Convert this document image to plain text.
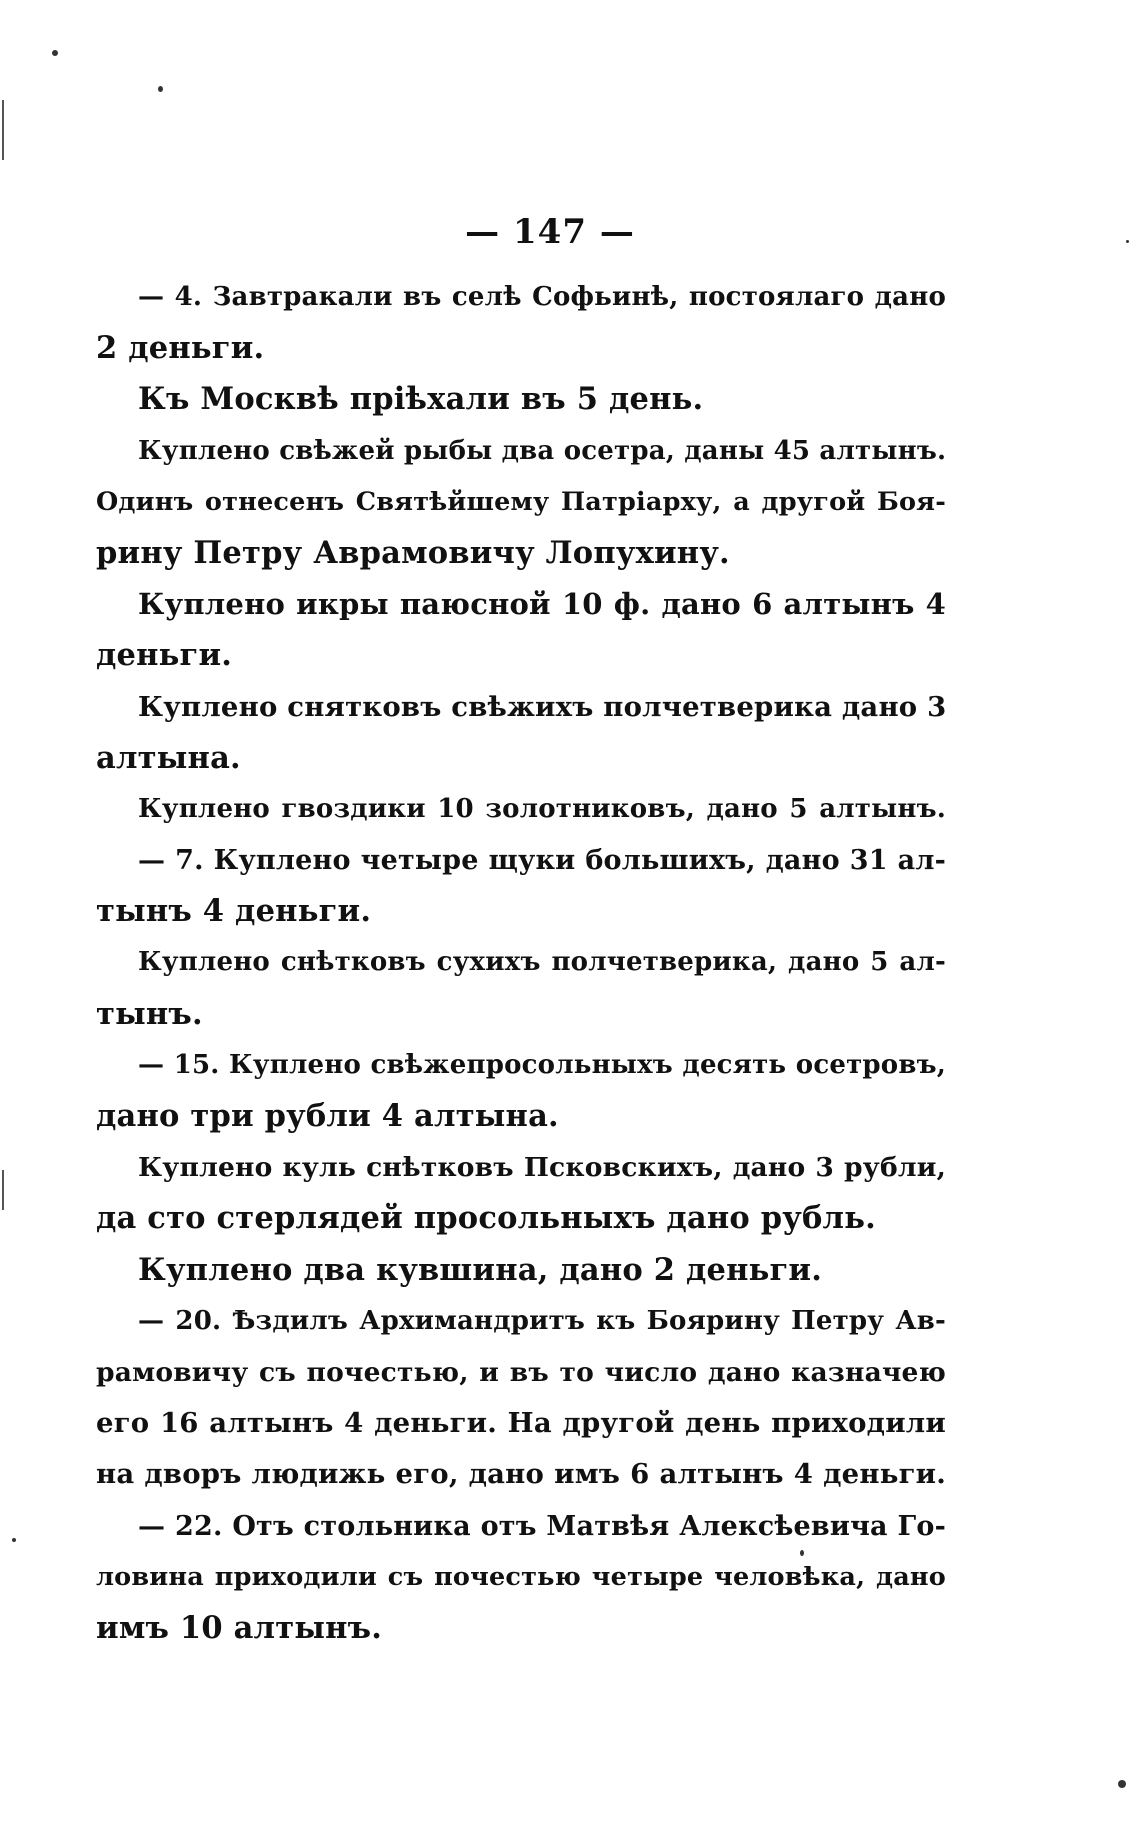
— 147 —
— 4. Завтракали въ селѣ Софьинѣ, постоялаго дано
2 деньги.
Къ Москвѣ пріѣхали въ 5 день.
Куплено свѣжей рыбы два осетра, даны 45 алтынъ.
Одинъ отнесенъ Святѣйшему Патріарху, а другой Боя-
рину Петру Аврамовичу Лопухину.
Куплено икры паюсной 10 ф. дано 6 алтынъ 4
деньги.
Куплено снятковъ свѣжихъ полчетверика дано 3
алтына.
Куплено гвоздики 10 золотниковъ, дано 5 алтынъ.
— 7. Куплено четыре щуки большихъ, дано 31 ал-
тынъ 4 деньги.
Куплено снѣтковъ сухихъ полчетверика, дано 5 ал-
тынъ.
— 15. Куплено свѣжепросольныхъ десять осетровъ,
дано три рубли 4 алтына.
Куплено куль снѣтковъ Псковскихъ, дано 3 рубли,
да сто стерлядей просольныхъ дано рубль.
Куплено два кувшина, дано 2 деньги.
— 20. Ѣздилъ Архимандритъ къ Боярину Петру Ав-
рамовичу съ почестью, и въ то число дано казначею
его 16 алтынъ 4 деньги. На другой день приходили
на дворъ людижь его, дано имъ 6 алтынъ 4 деньги.
— 22. Отъ стольника отъ Матвѣя Алексѣевича Го-
ловина приходили съ почестью четыре человѣка, дано
имъ 10 алтынъ.
